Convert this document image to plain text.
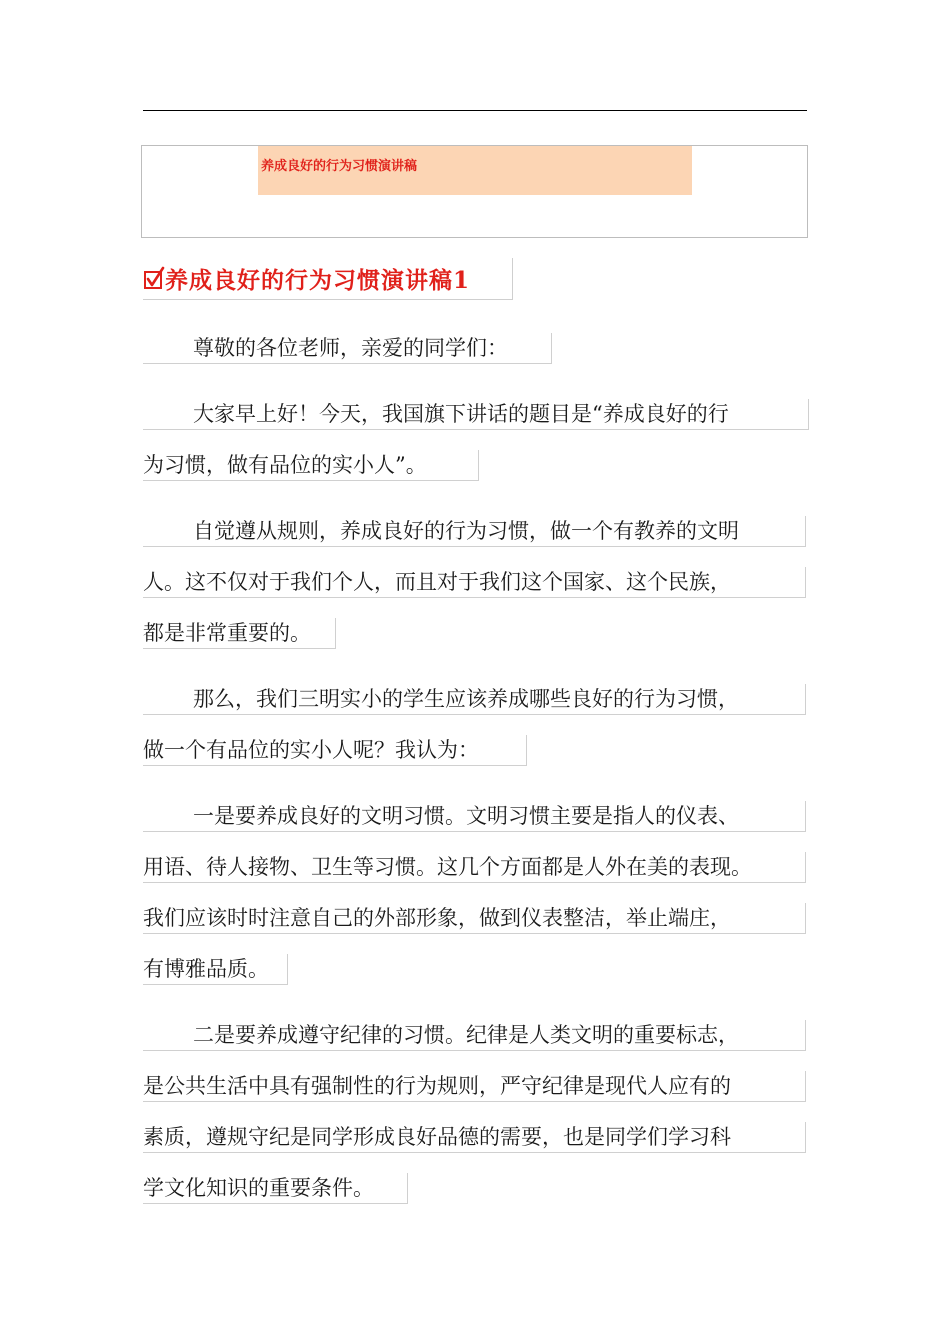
养成良好的行为习惯演讲稿
养成良好的行为习惯演讲稿1
尊敬的各位老师，亲爱的同学们：
大家早上好！今天，我国旗下讲话的题目是“养成良好的行
为习惯，做有品位的实小人”。
自觉遵从规则，养成良好的行为习惯，做一个有教养的文明
人。这不仅对于我们个人，而且对于我们这个国家、这个民族，
都是非常重要的。
那么，我们三明实小的学生应该养成哪些良好的行为习惯，
做一个有品位的实小人呢？我认为：
一是要养成良好的文明习惯。文明习惯主要是指人的仪表、
用语、待人接物、卫生等习惯。这几个方面都是人外在美的表现。
我们应该时时注意自己的外部形象，做到仪表整洁，举止端庄，
有博雅品质。
二是要养成遵守纪律的习惯。纪律是人类文明的重要标志，
是公共生活中具有强制性的行为规则，严守纪律是现代人应有的
素质，遵规守纪是同学形成良好品德的需要，也是同学们学习科
学文化知识的重要条件。
